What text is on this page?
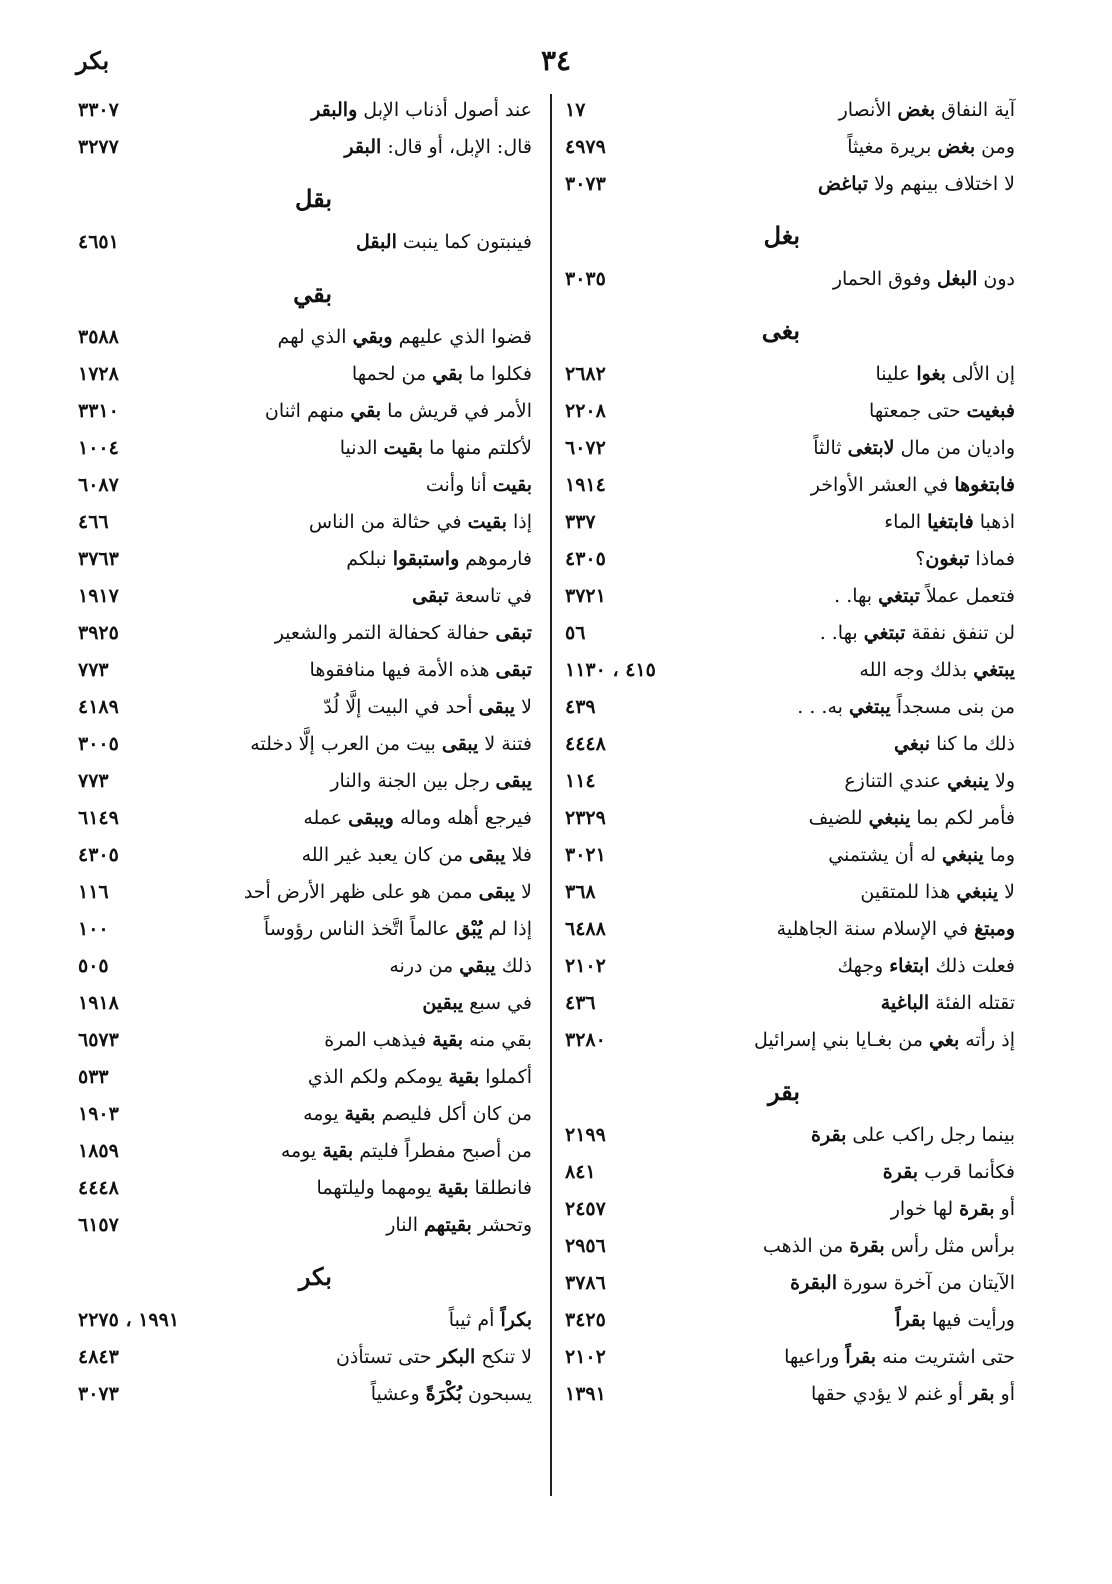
٣٤
بكر
آية النفاق بغض الأنصار
١٧
ومن بغض بريرة مغيثاً
٤٩٧٩
لا اختلاف بينهم ولا تباغض
٣٠٧٣
بغل
دون البغل وفوق الحمار
٣٠٣٥
بغى
إن الألى بغوا علينا
٢٦٨٢
فبغيت حتى جمعتها
٢٢٠٨
واديان من مال لابتغى ثالثاً
٦٠٧٢
فابتغوها في العشر الأواخر
١٩١٤
اذهبا فابتغيا الماء
٣٣٧
فماذا تبغون؟
٤٣٠٥
فتعمل عملاً تبتغي بها. .
٣٧٢١
لن تنفق نفقة تبتغي بها. .
٥٦
يبتغي بذلك وجه الله
٤١٥ ، ١١٣٠
من بنى مسجداً يبتغي به. . .
٤٣٩
ذلك ما كنا نبغي
٤٤٤٨
ولا ينبغي عندي التنازع
١١٤
فأمر لكم بما ينبغي للضيف
٢٣٢٩
وما ينبغي له أن يشتمني
٣٠٢١
لا ينبغي هذا للمتقين
٣٦٨
ومبتغ في الإسلام سنة الجاهلية
٦٤٨٨
فعلت ذلك ابتغاء وجهك
٢١٠٢
تقتله الفئة الباغية
٤٣٦
إذ رأته بغي من بغـايا بني إسرائيل
٣٢٨٠
بقر
بينما رجل راكب على بقرة
٢١٩٩
فكأنما قرب بقرة
٨٤١
أو بقرة لها خوار
٢٤٥٧
برأس مثل رأس بقرة من الذهب
٢٩٥٦
الآيتان من آخرة سورة البقرة
٣٧٨٦
ورأيت فيها بقراً
٣٤٢٥
حتى اشتريت منه بقراً وراعيها
٢١٠٢
أو بقر أو غنم لا يؤدي حقها
١٣٩١
عند أصول أذناب الإبل والبقر
٣٣٠٧
قال: الإبل، أو قال: البقر
٣٢٧٧
بقل
فينبتون كما ينبت البقل
٤٦٥١
بقي
قضوا الذي عليهم وبقي الذي لهم
٣٥٨٨
فكلوا ما بقي من لحمها
١٧٢٨
الأمر في قريش ما بقي منهم اثنان
٣٣١٠
لأكلتم منها ما بقيت الدنيا
١٠٠٤
بقيت أنا وأنت
٦٠٨٧
إذا بقيت في حثالة من الناس
٤٦٦
فارموهم واستبقوا نبلكم
٣٧٦٣
في تاسعة تبقى
١٩١٧
تبقى حفالة كحفالة التمر والشعير
٣٩٢٥
تبقى هذه الأمة فيها منافقوها
٧٧٣
لا يبقى أحد في البيت إلَّا لُدّ
٤١٨٩
فتنة لا يبقى بيت من العرب إلَّا دخلته
٣٠٠٥
يبقى رجل بين الجنة والنار
٧٧٣
فيرجع أهله وماله ويبقى عمله
٦١٤٩
فلا يبقى من كان يعبد غير الله
٤٣٠٥
لا يبقى ممن هو على ظهر الأرض أحد
١١٦
إذا لم يُبْق عالماً اتَّخذ الناس رؤوساً
١٠٠
ذلك يبقي من درنه
٥٠٥
في سبع يبقين
١٩١٨
بقي منه بقية فيذهب المرة
٦٥٧٣
أكملوا بقية يومكم ولكم الذي
٥٣٣
من كان أكل فليصم بقية يومه
١٩٠٣
من أصبح مفطراً فليتم بقية يومه
١٨٥٩
فانطلقا بقية يومهما وليلتهما
٤٤٤٨
وتحشر بقيتهم النار
٦١٥٧
بكر
بكراً أم ثيباً
١٩٩١ ، ٢٢٧٥
لا تنكح البكر حتى تستأذن
٤٨٤٣
يسبحون بُكْرَةً وعشياً
٣٠٧٣
